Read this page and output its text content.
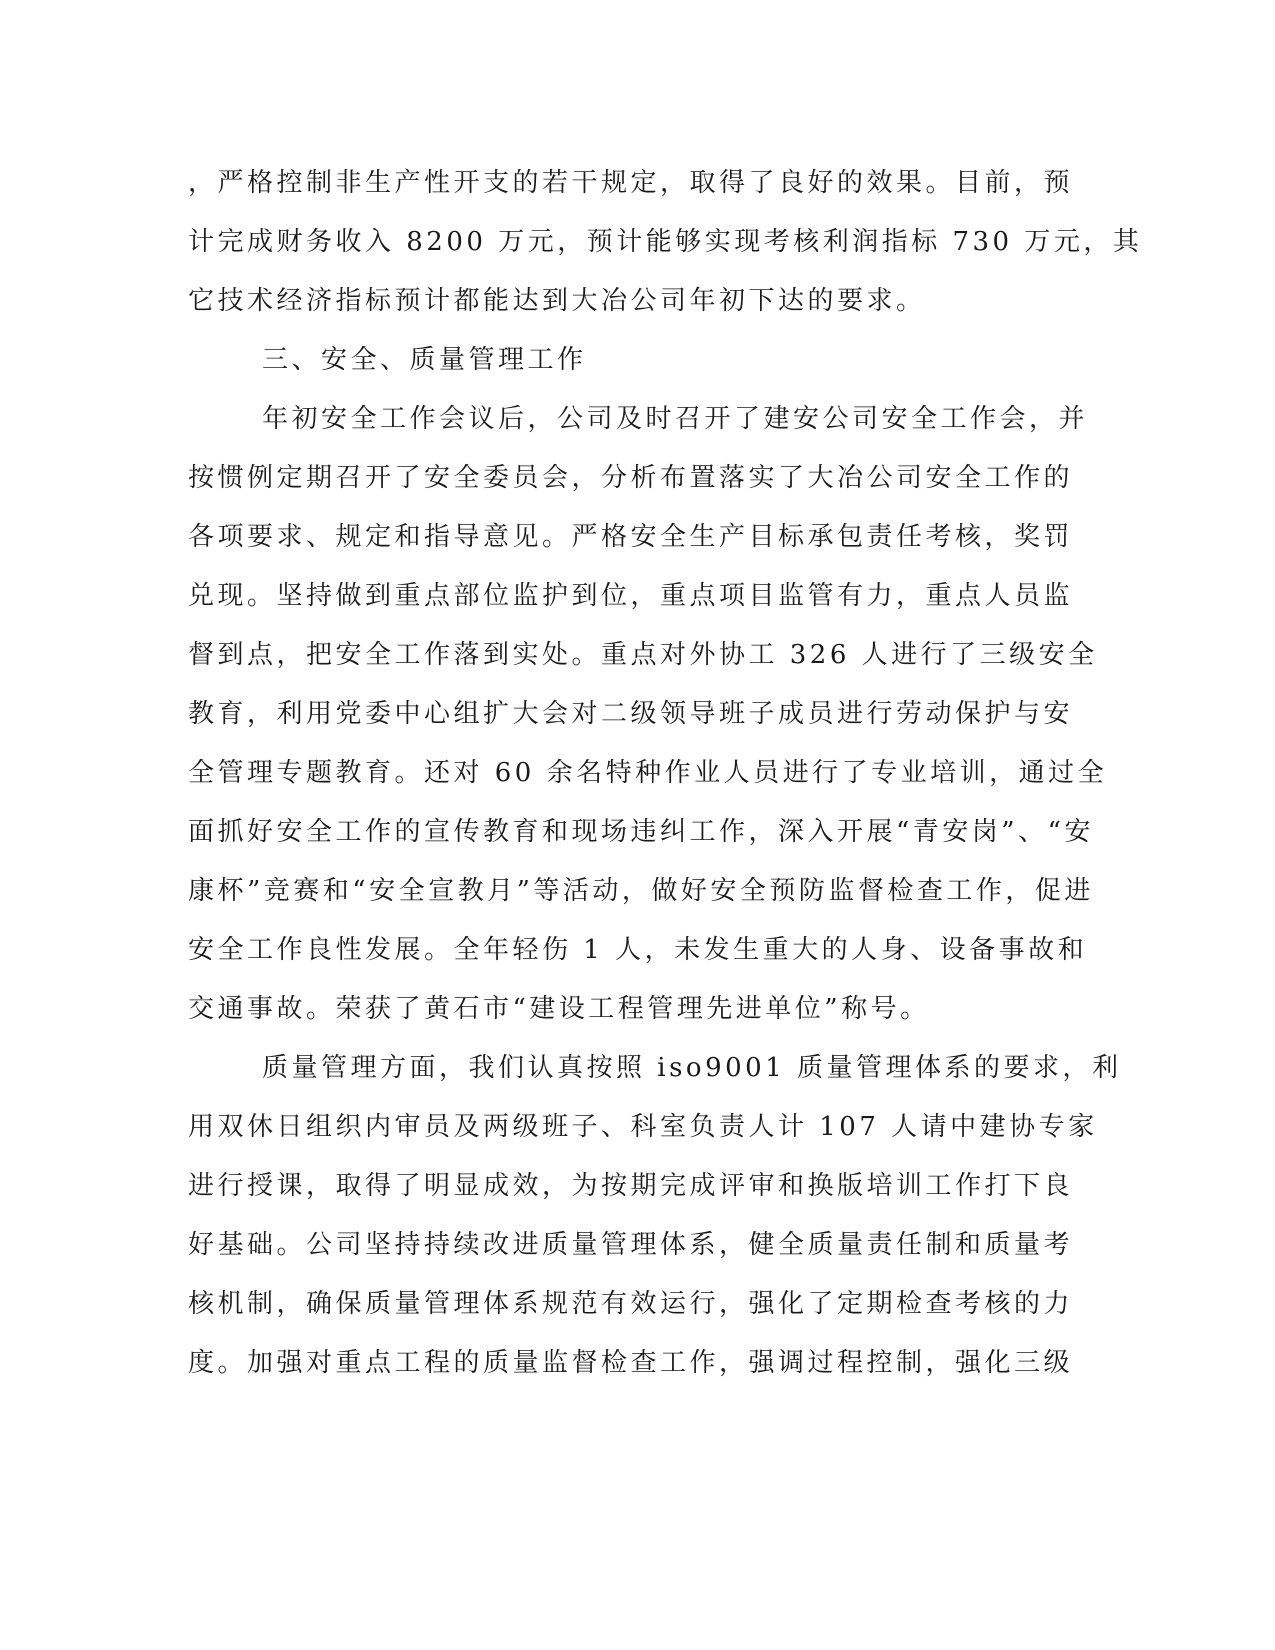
，严格控制非生产性开支的若干规定，取得了良好的效果。目前，预
计完成财务收入 8200 万元，预计能够实现考核利润指标 730 万元，其
它技术经济指标预计都能达到大冶公司年初下达的要求。
三、安全、质量管理工作
年初安全工作会议后，公司及时召开了建安公司安全工作会，并
按惯例定期召开了安全委员会，分析布置落实了大冶公司安全工作的
各项要求、规定和指导意见。严格安全生产目标承包责任考核，奖罚
兑现。坚持做到重点部位监护到位，重点项目监管有力，重点人员监
督到点，把安全工作落到实处。重点对外协工 326 人进行了三级安全
教育，利用党委中心组扩大会对二级领导班子成员进行劳动保护与安
全管理专题教育。还对 60 余名特种作业人员进行了专业培训，通过全
面抓好安全工作的宣传教育和现场违纠工作，深入开展“青安岗”、“安
康杯”竞赛和“安全宣教月”等活动，做好安全预防监督检查工作，促进
安全工作良性发展。全年轻伤 1 人，未发生重大的人身、设备事故和
交通事故。荣获了黄石市“建设工程管理先进单位”称号。
质量管理方面，我们认真按照 iso9001 质量管理体系的要求，利
用双休日组织内审员及两级班子、科室负责人计 107 人请中建协专家
进行授课，取得了明显成效，为按期完成评审和换版培训工作打下良
好基础。公司坚持持续改进质量管理体系，健全质量责任制和质量考
核机制，确保质量管理体系规范有效运行，强化了定期检查考核的力
度。加强对重点工程的质量监督检查工作，强调过程控制，强化三级
